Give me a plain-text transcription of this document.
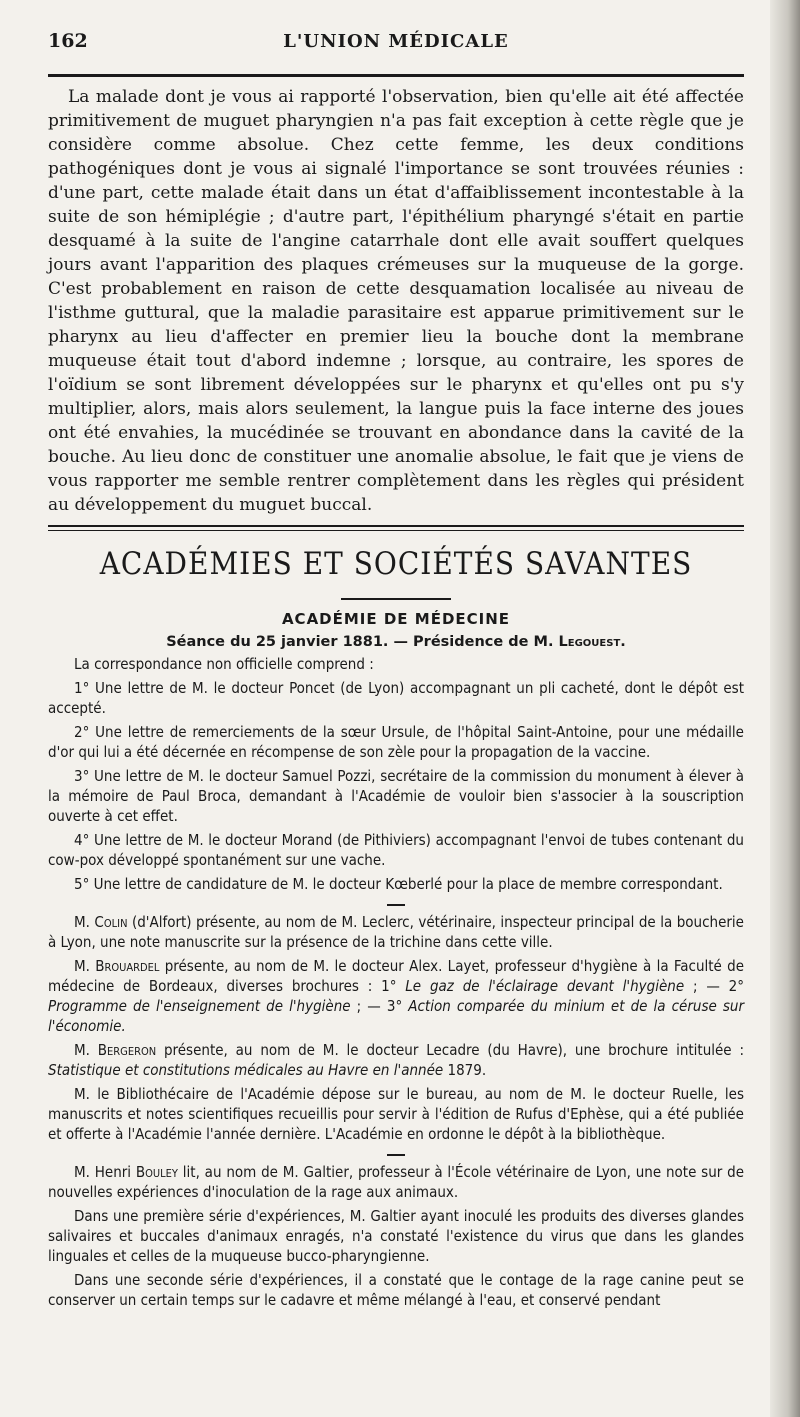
162	L'UNION MÉDICALE

La malade dont je vous ai rapporté l'observation, bien qu'elle ait été affectée primitivement de muguet pharyngien n'a pas fait exception à cette règle que je considère comme absolue. Chez cette femme, les deux conditions pathogéniques dont je vous ai signalé l'importance se sont trouvées réunies : d'une part, cette malade était dans un état d'affaiblissement incontestable à la suite de son hémiplégie ; d'autre part, l'épithélium pharyngé s'était en partie desquamé à la suite de l'angine catarrhale dont elle avait souffert quelques jours avant l'apparition des plaques crémeuses sur la muqueuse de la gorge. C'est probablement en raison de cette desquamation localisée au niveau de l'isthme guttural, que la maladie parasitaire est apparue primitivement sur le pharynx au lieu d'affecter en premier lieu la bouche dont la membrane muqueuse était tout d'abord indemne ; lorsque, au contraire, les spores de l'oïdium se sont librement développées sur le pharynx et qu'elles ont pu s'y multiplier, alors, mais alors seulement, la langue puis la face interne des joues ont été envahies, la mucédinée se trouvant en abondance dans la cavité de la bouche. Au lieu donc de constituer une anomalie absolue, le fait que je viens de vous rapporter me semble rentrer complètement dans les règles qui président au développement du muguet buccal.

ACADÉMIES ET SOCIÉTÉS SAVANTES
ACADÉMIE DE MÉDECINE
Séance du 25 janvier 1881. — Présidence de M. Legouest.

La correspondance non officielle comprend :

1° Une lettre de M. le docteur Poncet (de Lyon) accompagnant un pli cacheté, dont le dépôt est accepté.

2° Une lettre de remerciements de la sœur Ursule, de l'hôpital Saint-Antoine, pour une médaille d'or qui lui a été décernée en récompense de son zèle pour la propagation de la vaccine.

3° Une lettre de M. le docteur Samuel Pozzi, secrétaire de la commission du monument à élever à la mémoire de Paul Broca, demandant à l'Académie de vouloir bien s'associer à la souscription ouverte à cet effet.

4° Une lettre de M. le docteur Morand (de Pithiviers) accompagnant l'envoi de tubes contenant du cow-pox développé spontanément sur une vache.

5° Une lettre de candidature de M. le docteur Kœberlé pour la place de membre correspondant.

M. Colin (d'Alfort) présente, au nom de M. Leclerc, vétérinaire, inspecteur principal de la boucherie à Lyon, une note manuscrite sur la présence de la trichine dans cette ville.

M. Brouardel présente, au nom de M. le docteur Alex. Layet, professeur d'hygiène à la Faculté de médecine de Bordeaux, diverses brochures : 1° Le gaz de l'éclairage devant l'hygiène ; — 2° Programme de l'enseignement de l'hygiène ; — 3° Action comparée du minium et de la céruse sur l'économie.

M. Bergeron présente, au nom de M. le docteur Lecadre (du Havre), une brochure intitulée : Statistique et constitutions médicales au Havre en l'année 1879.

M. le Bibliothécaire de l'Académie dépose sur le bureau, au nom de M. le docteur Ruelle, les manuscrits et notes scientifiques recueillis pour servir à l'édition de Rufus d'Ephèse, qui a été publiée et offerte à l'Académie l'année dernière. L'Académie en ordonne le dépôt à la bibliothèque.

M. Henri Bouley lit, au nom de M. Galtier, professeur à l'École vétérinaire de Lyon, une note sur de nouvelles expériences d'inoculation de la rage aux animaux.

Dans une première série d'expériences, M. Galtier ayant inoculé les produits des diverses glandes salivaires et buccales d'animaux enragés, n'a constaté l'existence du virus que dans les glandes linguales et celles de la muqueuse bucco-pharyngienne.

Dans une seconde série d'expériences, il a constaté que le contage de la rage canine peut se conserver un certain temps sur le cadavre et même mélangé à l'eau, et conservé pendant
